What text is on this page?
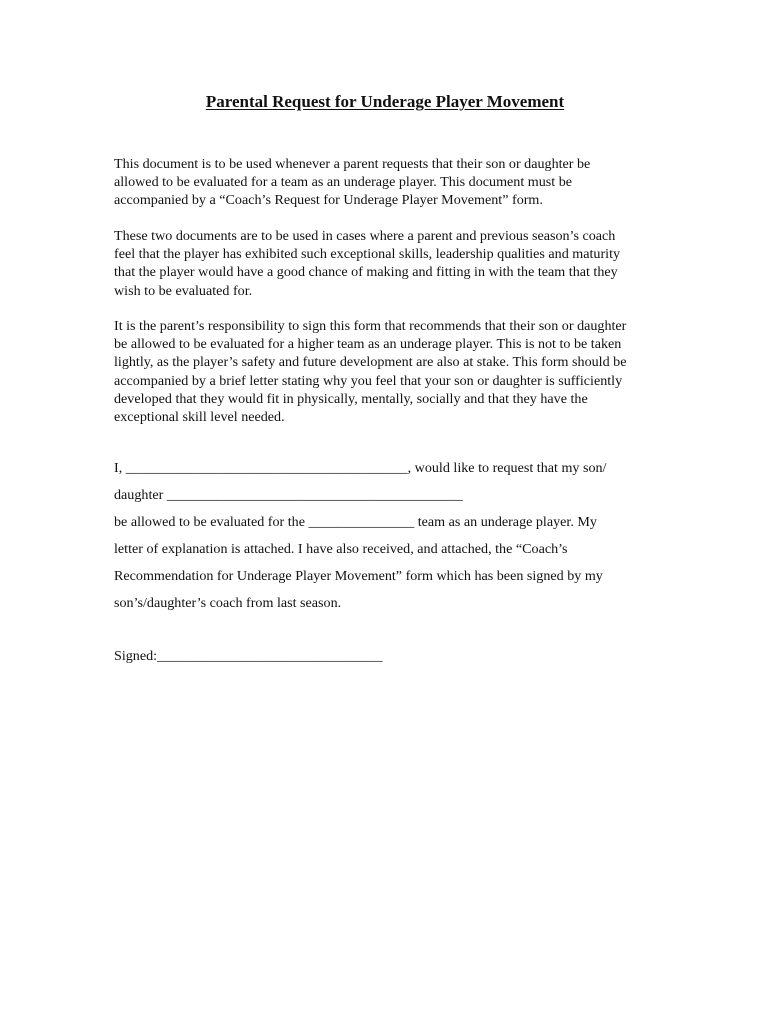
Parental Request for Underage Player Movement
This document is to be used whenever a parent requests that their son or daughter be
allowed to be evaluated for a team as an underage player. This document must be
accompanied by a “Coach’s Request for Underage Player Movement” form.
These two documents are to be used in cases where a parent and previous season’s coach
feel that the player has exhibited such exceptional skills, leadership qualities and maturity
that the player would have a good chance of making and fitting in with the team that they
wish to be evaluated for.
It is the parent’s responsibility to sign this form that recommends that their son or daughter
be allowed to be evaluated for a higher team as an underage player. This is not to be taken
lightly, as the player’s safety and future development are also at stake. This form should be
accompanied by a brief letter stating why you feel that your son or daughter is sufficiently
developed that they would fit in physically, mentally, socially and that they have the
exceptional skill level needed.
I, ________________________________________, would like to request that my son/
daughter __________________________________________
be allowed to be evaluated for the _______________ team as an underage player. My
letter of explanation is attached. I have also received, and attached, the “Coach’s
Recommendation for Underage Player Movement” form which has been signed by my
son’s/daughter’s coach from last season.
Signed:________________________________
